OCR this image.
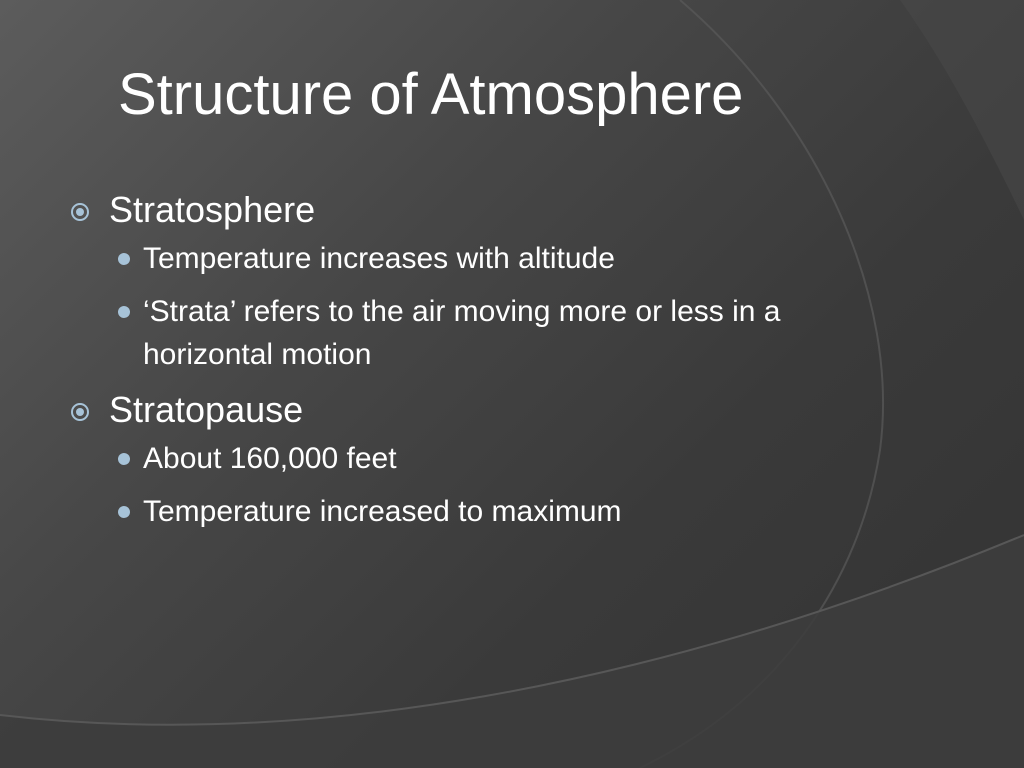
Structure of Atmosphere
Stratosphere
Temperature increases with altitude
‘Strata’ refers to the air moving more or less in a horizontal motion
Stratopause
About 160,000 feet
Temperature increased to maximum
